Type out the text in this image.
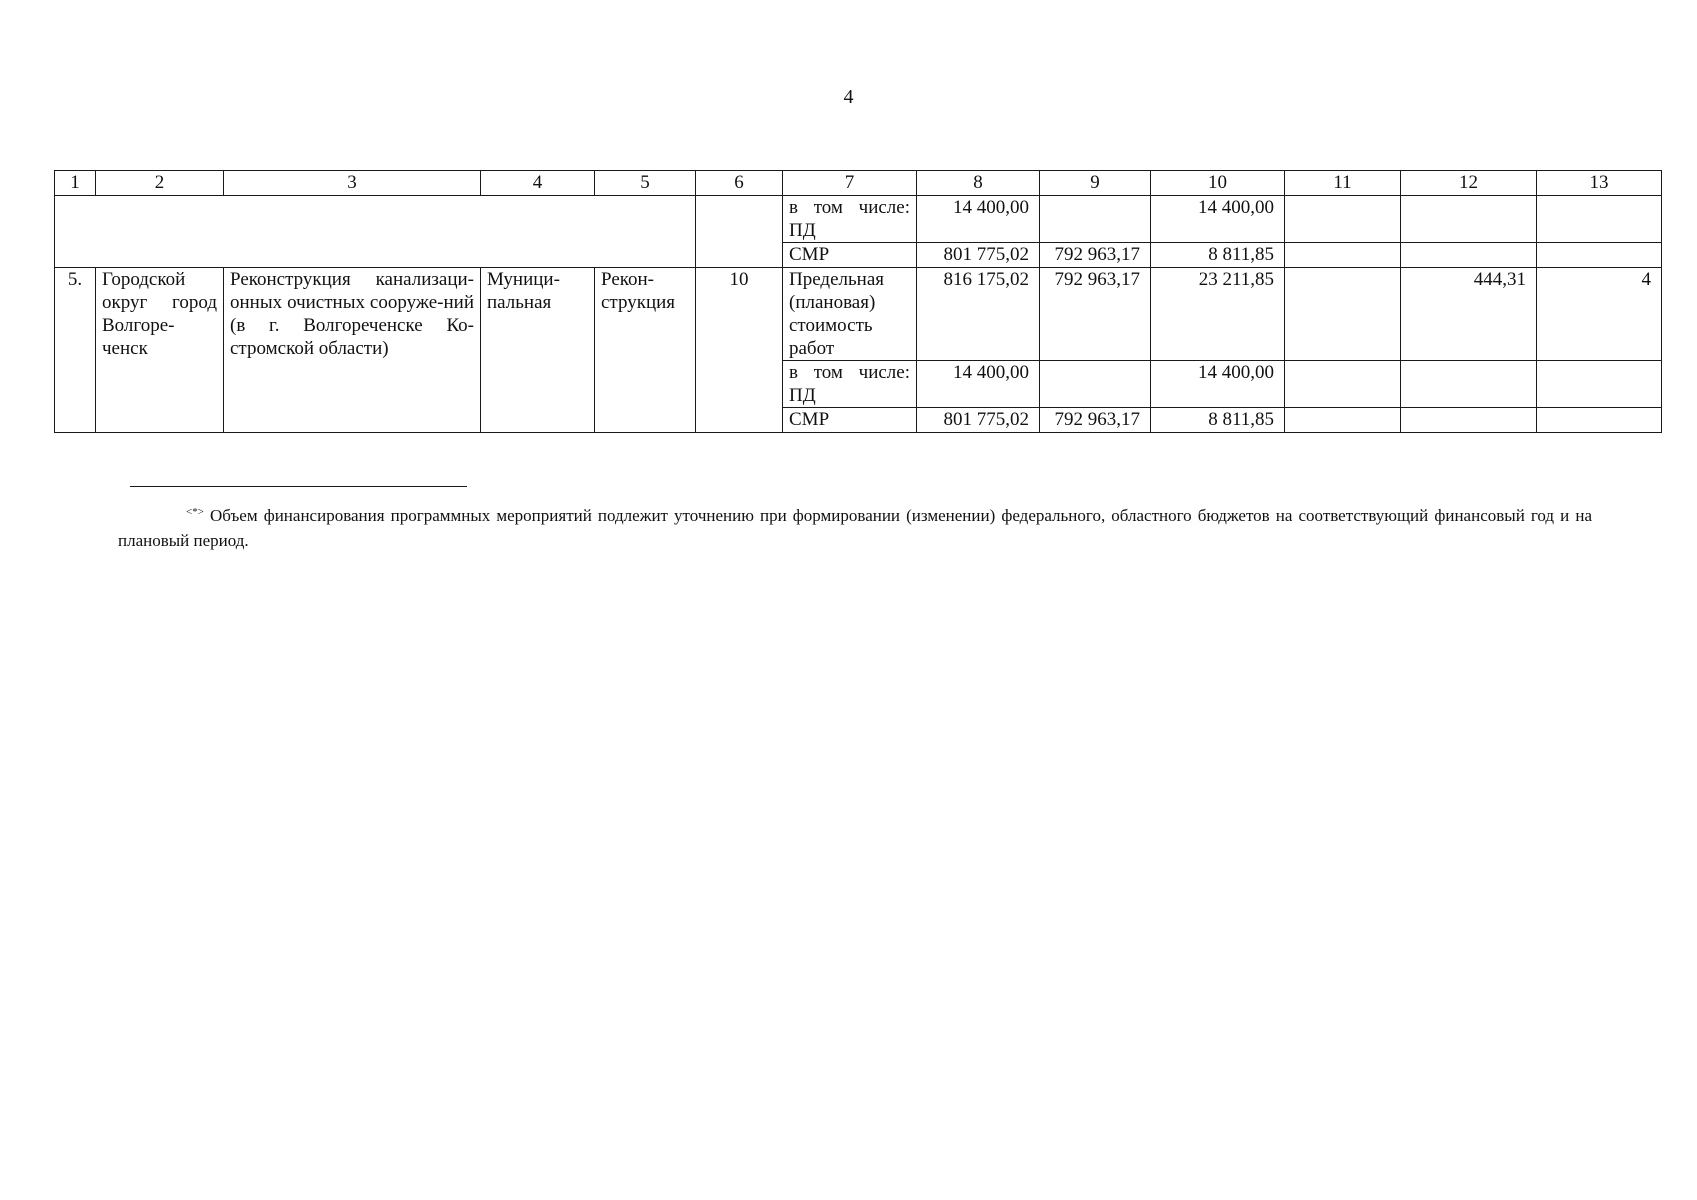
4
1	2	3	4	5	6	7	8	9	10	11	12	13
						в том числе: ПД	14 400,00		14 400,00			
						СМР	801 775,02	792 963,17	8 811,85			
5.	Городской округ город Волгоре-ченск	Реконструкция канализаци-онных очистных сооруже-ний (в г. Волгореченске Ко-стромской области)	Муници-пальная	Рекон-струкция	10	Предельная (плановая) стоимость работ	816 175,02	792 963,17	23 211,85		444,31	4
						в том числе: ПД	14 400,00		14 400,00			
						СМР	801 775,02	792 963,17	8 811,85			
<*> Объем финансирования программных мероприятий подлежит уточнению при формировании (изменении) федерального, областного бюджетов на соответствующий финансовый год и на плановый период.
